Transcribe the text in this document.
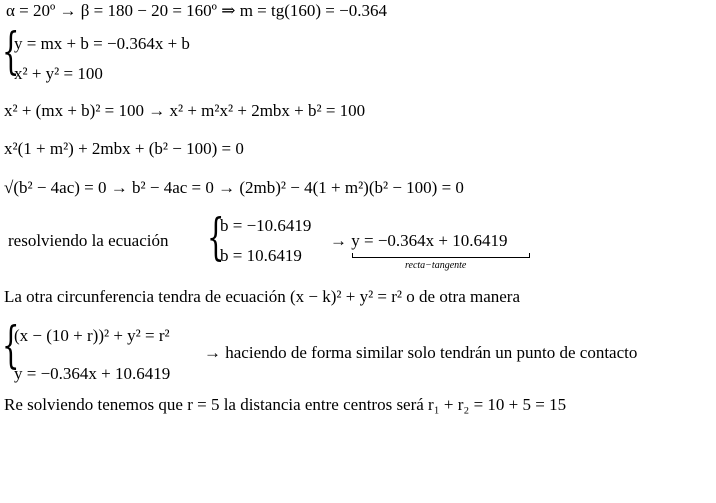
α = 20º → β = 180 − 20 = 160º ⇒ m = tg(160) = −0.364
{
y = mx + b = −0.364x + b
x² + y² = 100
x² + (mx + b)² = 100 → x² + m²x² + 2mbx + b² = 100
x²(1 + m²) + 2mbx + (b² − 100) = 0
√(b² − 4ac) = 0 → b² − 4ac = 0 → (2mb)² − 4(1 + m²)(b² − 100) = 0
resolviendo la ecuación {
b = −10.6419
b = 10.6419
→ y = −0.364x + 10.6419
recta−tangente
La otra circunferencia tendra de ecuación (x − k)² + y² = r² o de otra manera
{
(x − (10 + r))² + y² = r²
y = −0.364x + 10.6419
→ haciendo de forma similar solo tendrán un punto de contacto
Re solviendo tenemos que r = 5 la distancia entre centros será r₁ + r₂ = 10 + 5 = 15
